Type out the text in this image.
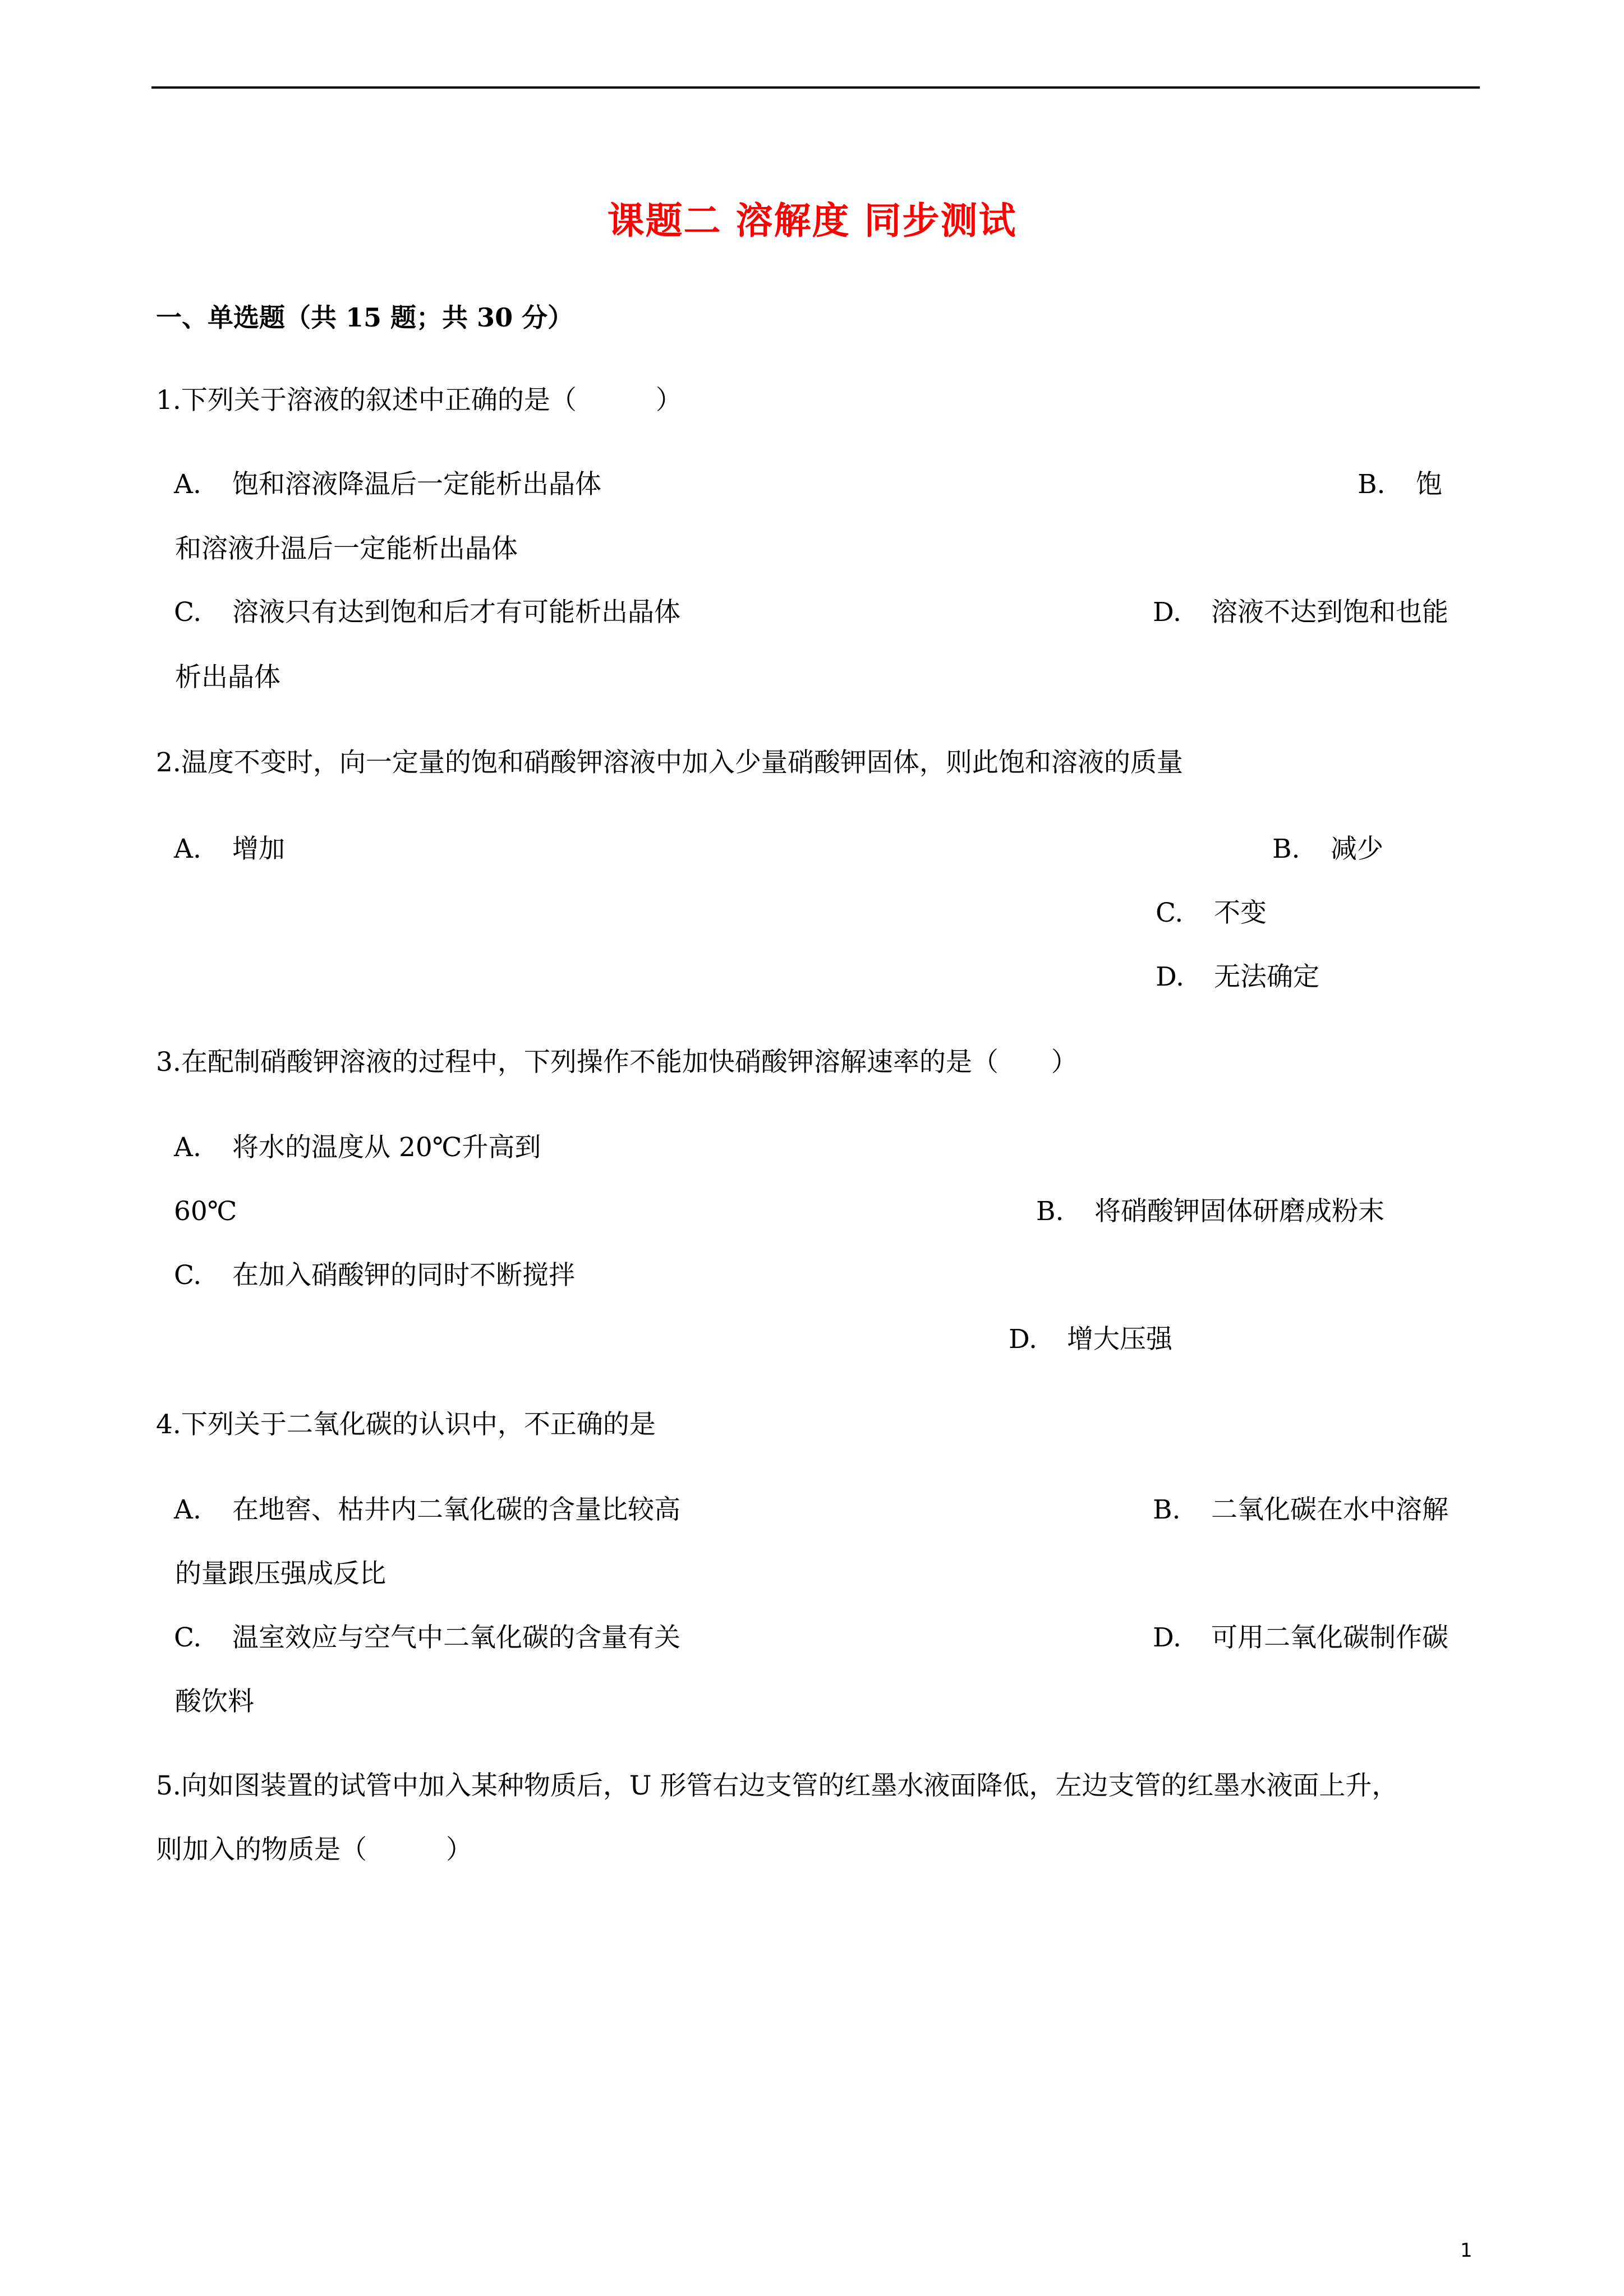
课题二 溶解度 同步测试
一、单选题（共 15 题；共 30 分）
1.下列关于溶液的叙述中正确的是（　　　）
A. 饱和溶液降温后一定能析出晶体	B. 饱
和溶液升温后一定能析出晶体
C. 溶液只有达到饱和后才有可能析出晶体	D. 溶液不达到饱和也能
析出晶体
2.温度不变时，向一定量的饱和硝酸钾溶液中加入少量硝酸钾固体，则此饱和溶液的质量
A. 增加	B. 减少
C. 不变
D. 无法确定
3.在配制硝酸钾溶液的过程中，下列操作不能加快硝酸钾溶解速率的是（　　）
A. 将水的温度从 20℃升高到
60℃	B. 将硝酸钾固体研磨成粉末
C. 在加入硝酸钾的同时不断搅拌
D. 增大压强
4.下列关于二氧化碳的认识中，不正确的是
A. 在地窖、枯井内二氧化碳的含量比较高	B. 二氧化碳在水中溶解
的量跟压强成反比
C. 温室效应与空气中二氧化碳的含量有关	D. 可用二氧化碳制作碳
酸饮料
5.向如图装置的试管中加入某种物质后，U 形管右边支管的红墨水液面降低，左边支管的红墨水液面上升，
则加入的物质是（　　　）
1
